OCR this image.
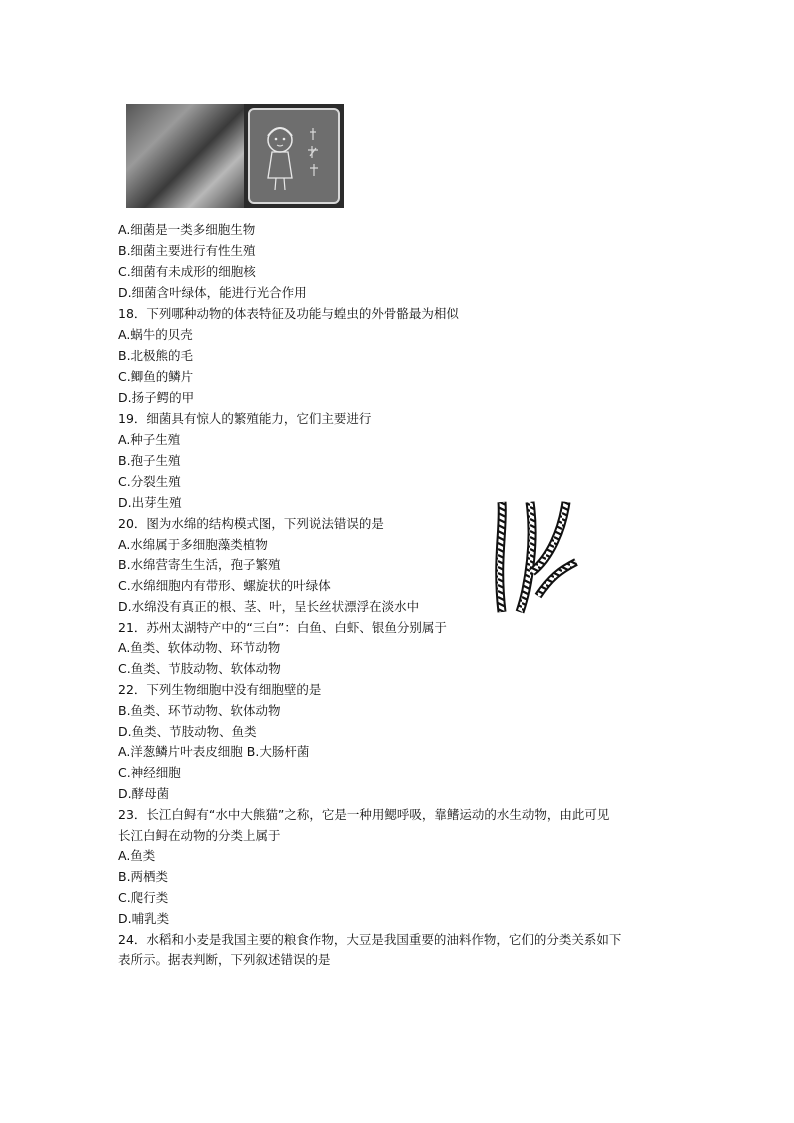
A.细菌是一类多细胞生物
B.细菌主要进行有性生殖
C.细菌有未成形的细胞核
D.细菌含叶绿体，能进行光合作用
18．下列哪种动物的体表特征及功能与蝗虫的外骨骼最为相似
A.蜗牛的贝壳
B.北极熊的毛
C.鲫鱼的鳞片
D.扬子鳄的甲
19．细菌具有惊人的繁殖能力，它们主要进行
A.种子生殖
B.孢子生殖
C.分裂生殖
D.出芽生殖
20．图为水绵的结构模式图，下列说法错误的是
A.水绵属于多细胞藻类植物
B.水绵营寄生生活，孢子繁殖
C.水绵细胞内有带形、螺旋状的叶绿体
D.水绵没有真正的根、茎、叶，呈长丝状漂浮在淡水中
21．苏州太湖特产中的“三白”：白鱼、白虾、银鱼分别属于
A.鱼类、软体动物、环节动物
C.鱼类、节肢动物、软体动物
22．下列生物细胞中没有细胞壁的是
B.鱼类、环节动物、软体动物
D.鱼类、节肢动物、鱼类
A.洋葱鳞片叶表皮细胞 B.大肠杆菌
C.神经细胞
D.酵母菌
23．长江白鲟有“水中大熊猫”之称，它是一种用鳃呼吸，靠鳍运动的水生动物，由此可见
长江白鲟在动物的分类上属于
A.鱼类
B.两栖类
C.爬行类
D.哺乳类
24．水稻和小麦是我国主要的粮食作物，大豆是我国重要的油料作物，它们的分类关系如下
表所示。据表判断，下列叙述错误的是
